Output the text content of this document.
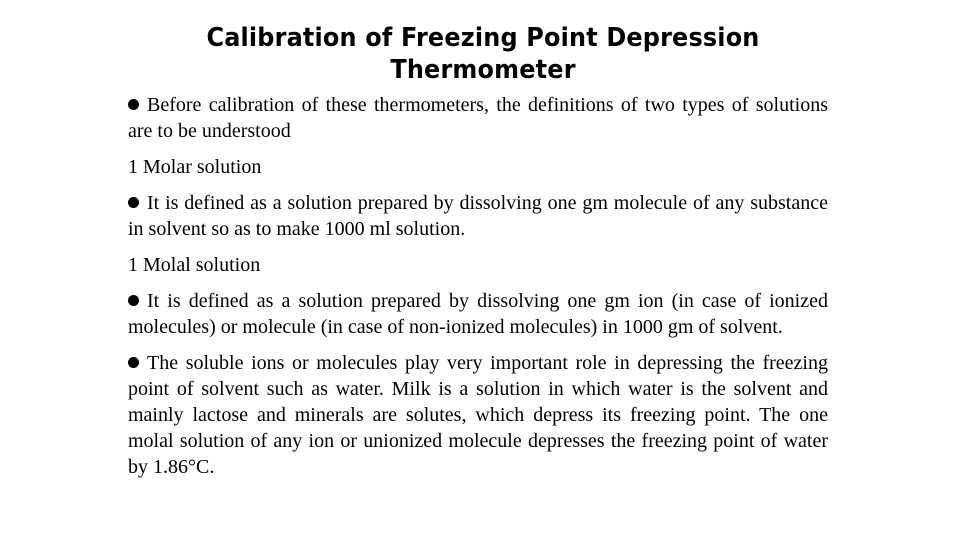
Calibration of Freezing Point Depression Thermometer

Before calibration of these thermometers, the definitions of two types of solutions are to be understood

1 Molar solution

It is defined as a solution prepared by dissolving one gm molecule of any substance in solvent so as to make 1000 ml solution.

1 Molal solution

It is defined as a solution prepared by dissolving one gm ion (in case of ionized molecules) or molecule (in case of non-ionized molecules) in 1000 gm of solvent.

The soluble ions or molecules play very important role in depressing the freezing point of solvent such as water. Milk is a solution in which water is the solvent and mainly lactose and minerals are solutes, which depress its freezing point. The one molal solution of any ion or unionized molecule depresses the freezing point of water by 1.86°C.
